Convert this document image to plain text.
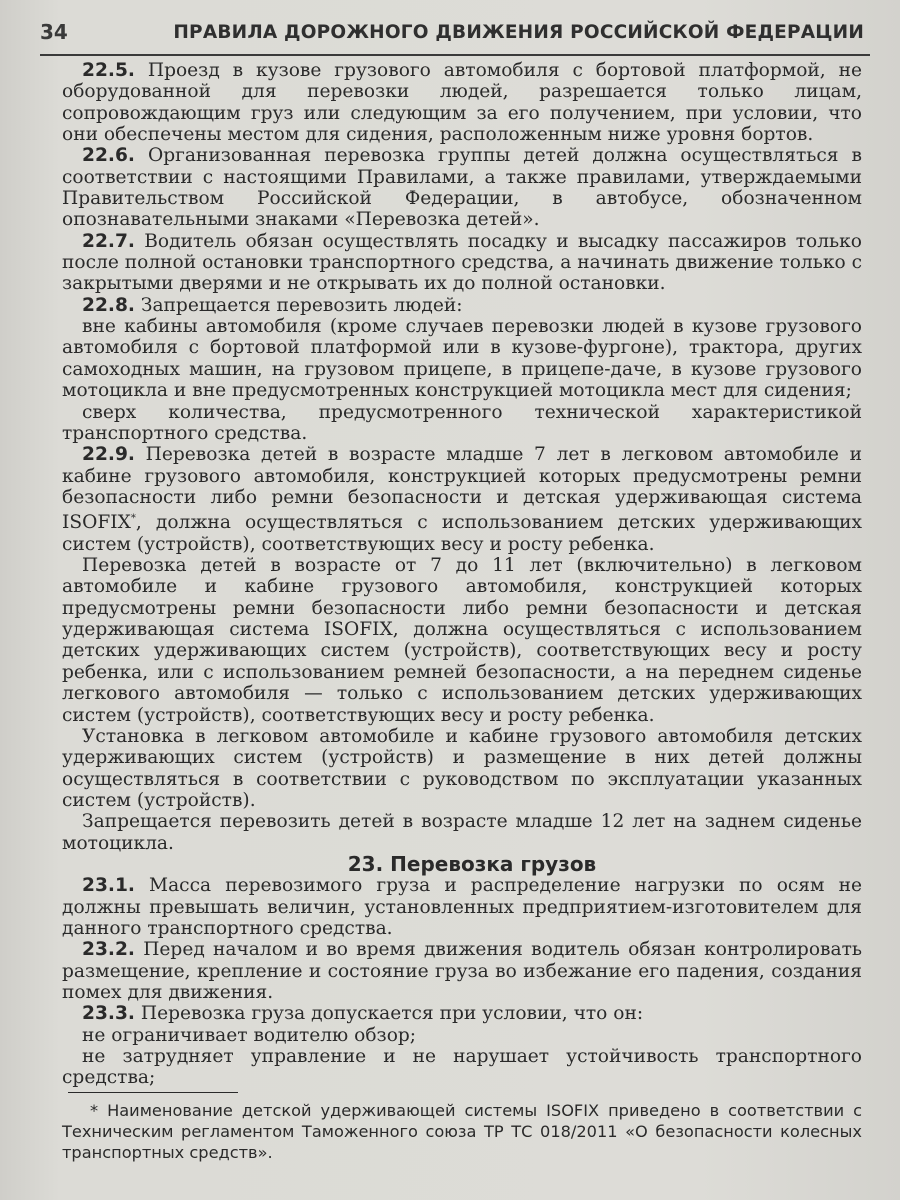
34	ПРАВИЛА ДОРОЖНОГО ДВИЖЕНИЯ РОССИЙСКОЙ ФЕДЕРАЦИИ

22.5. Проезд в кузове грузового автомобиля с бортовой платформой, не оборудованной для перевозки людей, разрешается только лицам, сопровождающим груз или следующим за его получением, при условии, что они обеспечены местом для сидения, расположенным ниже уровня бортов.

22.6. Организованная перевозка группы детей должна осуществляться в соответствии с настоящими Правилами, а также правилами, утверждаемыми Правительством Российской Федерации, в автобусе, обозначенном опознавательными знаками «Перевозка детей».

22.7. Водитель обязан осуществлять посадку и высадку пассажиров только после полной остановки транспортного средства, а начинать движение только с закрытыми дверями и не открывать их до полной остановки.

22.8. Запрещается перевозить людей:

вне кабины автомобиля (кроме случаев перевозки людей в кузове грузового автомобиля с бортовой платформой или в кузове-фургоне), трактора, других самоходных машин, на грузовом прицепе, в прицепе-даче, в кузове грузового мотоцикла и вне предусмотренных конструкцией мотоцикла мест для сидения;

сверх количества, предусмотренного технической характеристикой транспортного средства.

22.9. Перевозка детей в возрасте младше 7 лет в легковом автомобиле и кабине грузового автомобиля, конструкцией которых предусмотрены ремни безопасности либо ремни безопасности и детская удерживающая система ISOFIX*, должна осуществляться с использованием детских удерживающих систем (устройств), соответствующих весу и росту ребенка.

Перевозка детей в возрасте от 7 до 11 лет (включительно) в легковом автомобиле и кабине грузового автомобиля, конструкцией которых предусмотрены ремни безопасности либо ремни безопасности и детская удерживающая система ISOFIX, должна осуществляться с использованием детских удерживающих систем (устройств), соответствующих весу и росту ребенка, или с использованием ремней безопасности, а на переднем сиденье легкового автомобиля — только с использованием детских удерживающих систем (устройств), соответствующих весу и росту ребенка.

Установка в легковом автомобиле и кабине грузового автомобиля детских удерживающих систем (устройств) и размещение в них детей должны осуществляться в соответствии с руководством по эксплуатации указанных систем (устройств).

Запрещается перевозить детей в возрасте младше 12 лет на заднем сиденье мотоцикла.

23. Перевозка грузов

23.1. Масса перевозимого груза и распределение нагрузки по осям не должны превышать величин, установленных предприятием-изготовителем для данного транспортного средства.

23.2. Перед началом и во время движения водитель обязан контролировать размещение, крепление и состояние груза во избежание его падения, создания помех для движения.

23.3. Перевозка груза допускается при условии, что он:

не ограничивает водителю обзор;

не затрудняет управление и не нарушает устойчивость транспортного средства;

* Наименование детской удерживающей системы ISOFIX приведено в соответствии с Техническим регламентом Таможенного союза ТР ТС 018/2011 «О безопасности колесных транспортных средств».
